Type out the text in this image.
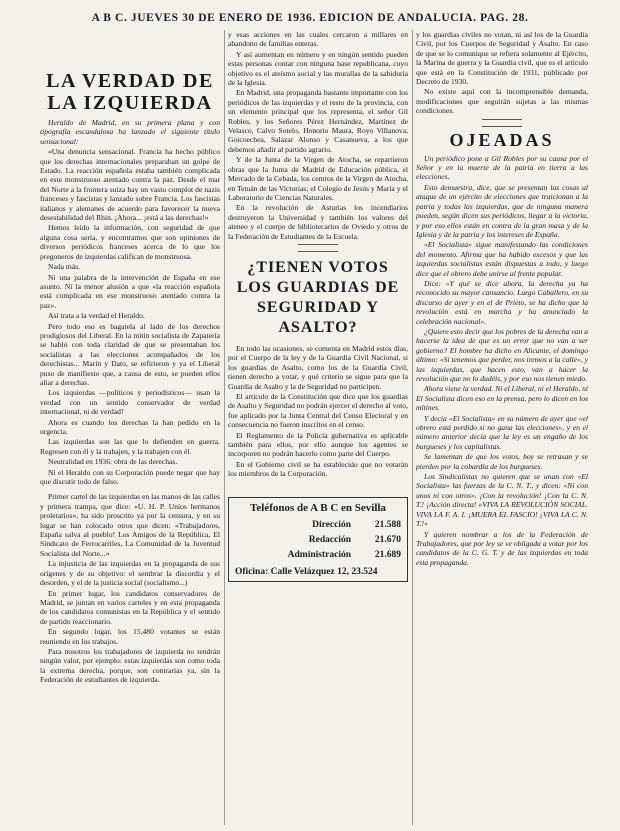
A B C. JUEVES 30 DE ENERO DE 1936. EDICION DE ANDALUCIA. PAG. 28.
LA VERDAD DE LA IZQUIERDA

Heraldo de Madrid, en su primera plana y con tipografía escandalosa ha lanzado el siguiente título sensacional:

«Una denuncia sensacional. Francia ha hecho público que los derechas internacionales preparaban un golpe de Estado. La reacción española estaba también complicada en este monstruoso atentado contra la paz. Desde el mar del Norte a la frontera suiza hay un vasto complot de nazis franceses y fascistas y lanzado sobre Francia. Los fascistas italianos y alemanes de acuerdo para favorecer la nueva desestabilidad del Rhin. ¡Ahora... ¡está a las derechas!»

Hemos leído la información, con seguridad de que alguna cosa sería, y encontramos que son opiniones de diversos periódicos franceses acerca de lo que los pregoneros de izquierdas califican de monstruosa.

Nada más.

Ni una palabra de la intervención de España en ese asunto. Ni la menor alusión a que «la reacción española está complicada en ese monstruoso atentado contra la paz».

Así trata a la verdad el Heraldo.

Pero todo eso es bagatela al lado de los derechos prodigiosos del Liberal. En la mitin socialista de Zapatería se habló con toda claridad de que se presentaban los socialistas a las elecciones acompañados de los derechistas... Marín y Dato, se refirieron y ya el Liberal puso de manifiesto que, a causa de esto, se pueden ellos aliar a derechas.

Los izquierdas —políticos y periodísticos— usan la verdad con un sentido conservador de verdad internacional, ni de verdad!

Ahora es cuando los derechas la han pedido en la urgencia.

Las izquierdas son las que lo defienden en guerra. Regresen con él y la trabajen, y la trabajen con él.

Neutralidad en 1936: obra de las derechas.

Ni el Heraldo con su Corporación puede negar que hay que discutir todo de falso.

Primer cartel de las izquierdas en las manos de las calles y primera trampa, que dice: «U. H. P. Uníos hermanos proletarios», ha sido proscrito ya por la censura, y en su lugar se han colocado otros que dicen: «Trabajadores, España salva al pueblo! Los Amigos de la República, El Sindicato de Ferrocarriles, La Comunidad de la Juventud Socialista del Norte...»

La injusticia de las izquierdas en la propaganda de sus orígenes y de su objetivo: el sembrar la discordia y el desorden, y el de la justicia social (socialismo...)

En primer lugar, los candidatos conservadores de Madrid, se juntan en varios carteles y en esta propaganda de los candidatos comunistas en la República y el sentido de partido reaccionario.

En segundo lugar, los 15,480 votantes se están reuniendo en los trabajos.

Para nosotros los trabajadores de izquierda no tendrán ningún valor, por ejemplo: estas izquierdas son como toda la extrema derecha, porque, son contrarias ya, sin la Federación de estudiantes de izquierda.

y esas acciones en las cuales cercaron a millares en abandono de familias enteras.

Y así aumentan en número y en ningún sentido pueden estas personas contar con ninguna base republicana, cuyo objetivo es el ateísmo social y las murallas de la sabiduría de la Iglesia.

En Madrid, una propaganda bastante importante con los periódicos de las izquierdas y el resto de la provincia, con un elemento principal que los representa, el señor Gil Robles, y los Señores Pérez Hernández, Martínez de Velasco, Calvo Sotelo, Honorio Maura, Royo Villanova, Goicoechea, Salazar Alonso y Casanueva, a los que debemos añadir al partido agrario.

Y de la Junta de la Virgen de Atocha, se repartieron obras que la Junta de Madrid de Educación pública, el Mercado de la Cebada, los centros de la Virgen de Atocha, en Tetuán de las Victorias; el Colegio de Jesús y María y el Laboratorio de Ciencias Naturales.

En la revolución de Asturias los incendiarios destruyeron la Universidad y también los valores del ateneo y el cuerpo de bibliotecarios de Oviedo y otros de la Federación de Estudiantes de la Escuela.

¿TIENEN VOTOS LOS GUARDIAS DE SEGURIDAD Y ASALTO?

En todo las ocasiones, se comenta en Madrid estos días, por el Cuerpo de la ley y de la Guardia Civil Nacional, si los guardias de Asalto, como los de la Guardia Civil, tienen derecho a votar, y qué criterio se sigue para que la Guardia de Asalto y la de Seguridad no participen.

El artículo de la Constitución que dice que los guardias de Asalto y Seguridad no podrán ejercer el derecho al voto, fue aplicado por la Junta Central del Censo Electoral y en consecuencia no fueron inscritos en el censo.

El Reglamento de la Policía gubernativa es aplicable también para ellos, por ello aunque los agentes se incorporen no podrán hacerlo como parte del Cuerpo.

En el Gobierno civil se ha establecido que no votarán los miembros de la Corporación.

Teléfonos de A B C en Sevilla
Dirección	21.588
Redacción	21.670
Administración	21.689
Oficina: Calle Velázquez 12, 23.524

y los guardias civiles no votan, ni así los de la Guardia Civil, por los Cuerpos de Seguridad y Asalto. En caso de que se lo comunique se refiera solamente al Ejército, la Marina de guerra y la Guardia civil, que es el artículo que está en la Constitución de 1931, publicado por Decreto de 1930.

No existe aquí con la incomprensible demanda, modificaciones que seguirán sujetas a las mismas condiciones.

OJEADAS

Un periódico pone a Gil Robles por su causa por el Señor y en la muerte de la patria en tierra a las elecciones.

Esto demuestra, dice, que se presentan las cosas al ataque de un ejército de elecciones que traicionan a la patria y todas las izquierdas, que de ninguna manera pueden, según dicen sus periódicos, llegar a la victoria, y por eso ellos están en contra de la gran masa y de la Iglesia y de la patria y los intereses de España.

«El Socialista» sigue manifestando las condiciones del momento. Afirma que ha habido excesos y que las izquierdas socialistas están dispuestas a todo, y luego dice que el obrero debe unirse al frente popular.

Dice: «Y qué se dice ahora, la derecha ya ha reconocido su mayor cansancio. Largo Caballero, en su discurso de ayer y en el de Prieto, se ha dicho que la revolución está en marcha y ha anunciado la celebración nacional».

¿Quiere esto decir que los pobres de la derecha van a hacerse la idea de que es un error que no van a ser gobierno? El hombre ha dicho en Alicante, el domingo último: «Si tenemos que perder, nos iremos a la calle», y las izquierdas, que hacen esto, van a hacer la revolución que no lo dudéis, y por eso nos tienen miedo.

Ahora viene la verdad. Ni el Liberal, ni el Heraldo, ni El Socialista dicen eso en la prensa, pero lo dicen en los mítines.

Y decía «El Socialista» en su número de ayer que «el obrero está perdido si no gana las elecciones», y en el número anterior decía que la ley es un engaño de los burgueses y los capitalistas.

Se lamentan de que los votos, hoy se retrasan y se pierden por la cobardía de los burgueses.

Los Sindicalistas no quieren que se unan con «El Socialista» las fuerzas de la C. N. T., y dicen: «Ni con unos ni con otros». ¡Con la revolución! ¡Con la C. N. T.! ¡Acción directa! «VIVA LA REVOLUCIÓN SOCIAL. VIVA LA F. A. I. ¡MUERA EL FASCIO! ¡VIVA LA C. N. T.!»

Y quieren nombrar a los de la Federación de Trabajadores, que por ley se ve obligada a votar por los candidatos de la C. G. T. y de las izquierdas en toda esta propaganda.
